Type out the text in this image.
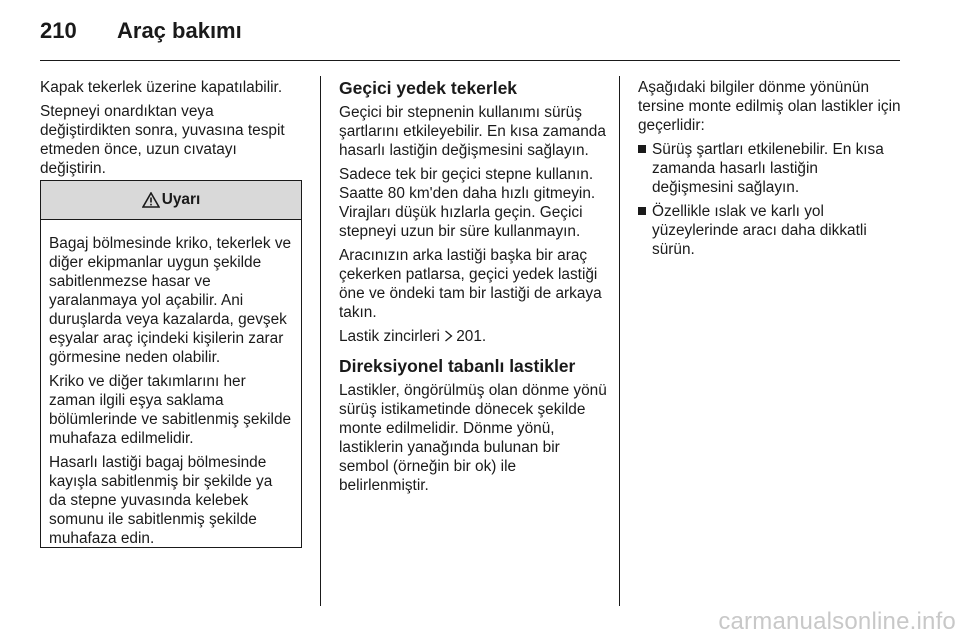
210 Araç bakımı

Kapak tekerlek üzerine kapatılabilir.

Stepneyi onardıktan veya değiştirdikten sonra, yuvasına tespit etmeden önce, uzun cıvatayı değiştirin.

Uyarı

Bagaj bölmesinde kriko, tekerlek ve diğer ekipmanlar uygun şekilde sabitlenmezse hasar ve yaralanmaya yol açabilir. Ani duruşlarda veya kazalarda, gevşek eşyalar araç içindeki kişilerin zarar görmesine neden olabilir.

Kriko ve diğer takımlarını her zaman ilgili eşya saklama bölümlerinde ve sabitlenmiş şekilde muhafaza edilmelidir.

Hasarlı lastiği bagaj bölmesinde kayışla sabitlenmiş bir şekilde ya da stepne yuvasında kelebek somunu ile sabitlenmiş şekilde muhafaza edin.

Geçici yedek tekerlek

Geçici bir stepnenin kullanımı sürüş şartlarını etkileyebilir. En kısa zamanda hasarlı lastiğin değişmesini sağlayın.

Sadece tek bir geçici stepne kullanın. Saatte 80 km'den daha hızlı gitmeyin. Virajları düşük hızlarla geçin. Geçici stepneyi uzun bir süre kullanmayın.

Aracınızın arka lastiği başka bir araç çekerken patlarsa, geçici yedek lastiği öne ve öndeki tam bir lastiği de arkaya takın.

Lastik zincirleri 201.

Direksiyonel tabanlı lastikler

Lastikler, öngörülmüş olan dönme yönü sürüş istikametinde dönecek şekilde monte edilmelidir. Dönme yönü, lastiklerin yanağında bulunan bir sembol (örneğin bir ok) ile belirlenmiştir.

Aşağıdaki bilgiler dönme yönünün tersine monte edilmiş olan lastikler için geçerlidir:

Sürüş şartları etkilenebilir. En kısa zamanda hasarlı lastiğin değişmesini sağlayın.
Özellikle ıslak ve karlı yol yüzeylerinde aracı daha dikkatli sürün.
carmanualsonline.info
